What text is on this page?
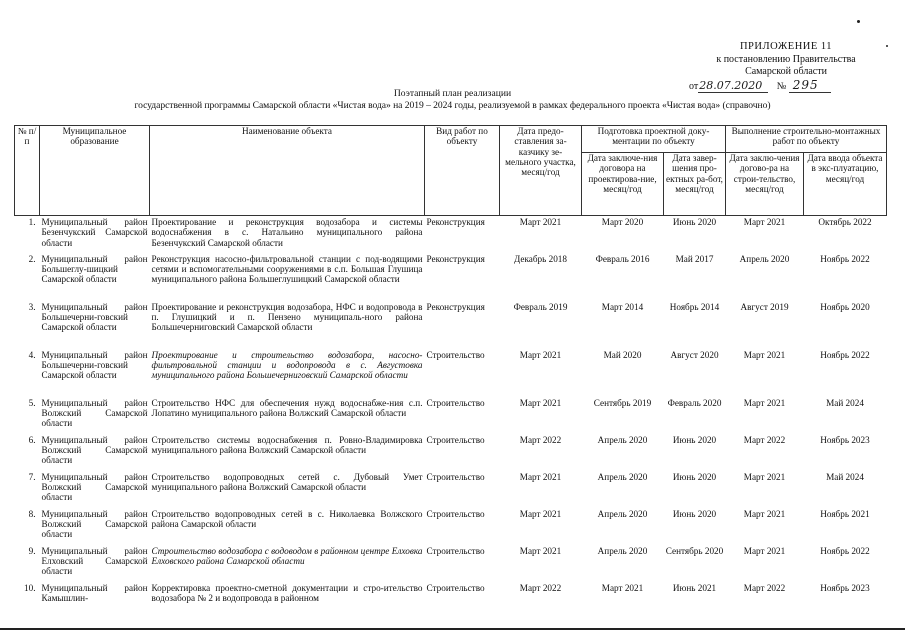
ПРИЛОЖЕНИЕ 11
к постановлению Правительства
Самарской области
от28.07.2020 № 295
Поэтапный план реализации
государственной программы Самарской области «Чистая вода» на 2019 – 2024 годы, реализуемой в рамках федерального проекта «Чистая вода» (справочно)
№ п/п	Муниципальное образование	Наименование объекта	Вид работ по объекту	Дата предо-ставления за-казчику зе-мельного участка, месяц/год	Подготовка проектной доку-ментации по объекту		Выполнение строительно-монтажных работ по объекту	
					Дата заключе-ния договора на проектирова-ние, месяц/год	Дата завер-шения про-ектных ра-бот, месяц/год	Дата заклю-чения догово-ра на строи-тельство, месяц/год	Дата ввода объекта в экс-плуатацию, месяц/год
1.	Муниципальный район Безенчукский Самарской области	Проектирование и реконструкция водозабора и системы водоснабжения в с. Натальино муниципального района Безенчукский Самарской области	Реконструкция	Март 2021	Март 2020	Июнь 2020	Март 2021	Октябрь 2022
2.	Муниципальный район Большеглу-шицкий Самарской области	Реконструкция насосно-фильтровальной станции с под-водящими сетями и вспомогательными сооружениями в с.п. Большая Глушица муниципального района Большеглушицкий Самарской области	Реконструкция	Декабрь 2018	Февраль 2016	Май 2017	Апрель 2020	Ноябрь 2022
3.	Муниципальный район Большечерни-говский Самарской области	Проектирование и реконструкция водозабора, НФС и водопровода в п. Глушицкий и п. Пензено муниципаль-ного района Большечерниговский Самарской области	Реконструкция	Февраль 2019	Март 2014	Ноябрь 2014	Август 2019	Ноябрь 2020
4.	Муниципальный район Большечерни-говский Самарской области	Проектирование и строительство водозабора, насосно-фильтровальной станции и водопровода в с. Августовка муниципального района Большечерниговский Самарской области	Строительство	Март 2021	Май 2020	Август 2020	Март 2021	Ноябрь 2022
5.	Муниципальный район Волжский Самарской области	Строительство НФС для обеспечения нужд водоснабже-ния с.п. Лопатино муниципального района Волжский Самарской области	Строительство	Март 2021	Сентябрь 2019	Февраль 2020	Март 2021	Май 2024
6.	Муниципальный район Волжский Самарской области	Строительство системы водоснабжения п. Ровно-Владимировка муниципального района Волжский Самарской области	Строительство	Март 2022	Апрель 2020	Июнь 2020	Март 2022	Ноябрь 2023
7.	Муниципальный район Волжский Самарской области	Строительство водопроводных сетей с. Дубовый Умет муниципального района Волжский Самарской области	Строительство	Март 2021	Апрель 2020	Июнь 2020	Март 2021	Май 2024
8.	Муниципальный район Волжский Самарской области	Строительство водопроводных сетей в с. Николаевка Волжского района Самарской области	Строительство	Март 2021	Апрель 2020	Июнь 2020	Март 2021	Ноябрь 2021
9.	Муниципальный район Елховский Самарской области	Строительство водозабора с водоводом в районном центре Елховка Елховского района Самарской области	Строительство	Март 2021	Апрель 2020	Сентябрь 2020	Март 2021	Ноябрь 2022
10.	Муниципальный район Камышлин-	Корректировка проектно-сметной документации и стро-ительство водозабора № 2 и водопровода в районном	Строительство	Март 2022	Март 2021	Июнь 2021	Март 2022	Ноябрь 2023
